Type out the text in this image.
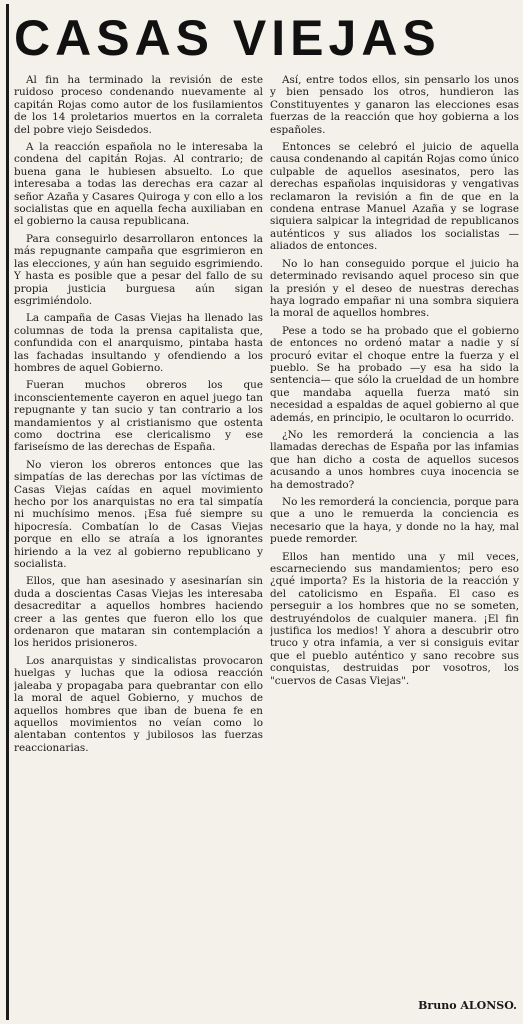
CASAS VIEJAS

Al fin ha terminado la revisión de este ruidoso proceso condenando nuevamente al capitán Rojas como autor de los fusilamientos de los 14 proletarios muertos en la corraleta del pobre viejo Seisdedos.

A la reacción española no le interesaba la condena del capitán Rojas. Al contrario; de buena gana le hubiesen absuelto. Lo que interesaba a todas las derechas era cazar al señor Azaña y Casares Quiroga y con ello a los socialistas que en aquella fecha auxiliaban en el gobierno la causa republicana.

Para conseguirlo desarrollaron entonces la más repugnante campaña que esgrimieron en las elecciones, y aún han seguido esgrimiendo. Y hasta es posible que a pesar del fallo de su propia justicia burguesa aún sigan esgrimiéndolo.

La campaña de Casas Viejas ha llenado las columnas de toda la prensa capitalista que, confundida con el anarquismo, pintaba hasta las fachadas insultando y ofendiendo a los hombres de aquel Gobierno.

Fueran muchos obreros los que inconscientemente cayeron en aquel juego tan repugnante y tan sucio y tan contrario a los mandamientos y al cristianismo que ostenta como doctrina ese clericalismo y ese fariseísmo de las derechas de España.

No vieron los obreros entonces que las simpatías de las derechas por las víctimas de Casas Viejas caídas en aquel movimiento hecho por los anarquistas no era tal simpatía ni muchísimo menos. ¡Esa fué siempre su hipocresía. Combatían lo de Casas Viejas porque en ello se atraía a los ignorantes hiriendo a la vez al gobierno republicano y socialista.

Ellos, que han asesinado y asesinarían sin duda a doscientas Casas Viejas les interesaba desacreditar a aquellos hombres haciendo creer a las gentes que fueron ello los que ordenaron que mataran sin contemplación a los heridos prisioneros.

Los anarquistas y sindicalistas provocaron huelgas y luchas que la odiosa reacción jaleaba y propagaba para quebrantar con ello la moral de aquel Gobierno, y muchos de aquellos hombres que iban de buena fe en aquellos movimientos no veían como lo alentaban contentos y jubilosos las fuerzas reaccionarias.

Así, entre todos ellos, sin pensarlo los unos y bien pensado los otros, hundieron las Constituyentes y ganaron las elecciones esas fuerzas de la reacción que hoy gobierna a los españoles.

Entonces se celebró el juicio de aquella causa condenando al capitán Rojas como único culpable de aquellos asesinatos, pero las derechas españolas inquisidoras y vengativas reclamaron la revisión a fin de que en la condena entrase Manuel Azaña y se lograse siquiera salpicar la integridad de republicanos auténticos y sus aliados los socialistas —aliados de entonces.

No lo han conseguido porque el juicio ha determinado revisando aquel proceso sin que la presión y el deseo de nuestras derechas haya logrado empañar ni una sombra siquiera la moral de aquellos hombres.

Pese a todo se ha probado que el gobierno de entonces no ordenó matar a nadie y sí procuró evitar el choque entre la fuerza y el pueblo. Se ha probado —y esa ha sido la sentencia— que sólo la crueldad de un hombre que mandaba aquella fuerza mató sin necesidad a espaldas de aquel gobierno al que además, en principio, le ocultaron lo ocurrido.

¿No les remorderá la conciencia a las llamadas derechas de España por las infamias que han dicho a costa de aquellos sucesos acusando a unos hombres cuya inocencia se ha demostrado?

No les remorderá la conciencia, porque para que a uno le remuerda la conciencia es necesario que la haya, y donde no la hay, mal puede remorder.

Ellos han mentido una y mil veces, escarneciendo sus mandamientos; pero eso ¿qué importa? Es la historia de la reacción y del catolicismo en España. El caso es perseguir a los hombres que no se someten, destruyéndolos de cualquier manera. ¡El fin justifica los medios! Y ahora a descubrir otro truco y otra infamia, a ver si consiguis evitar que el pueblo auténtico y sano recobre sus conquistas, destruidas por vosotros, los "cuervos de Casas Viejas".

Bruno ALONSO.
